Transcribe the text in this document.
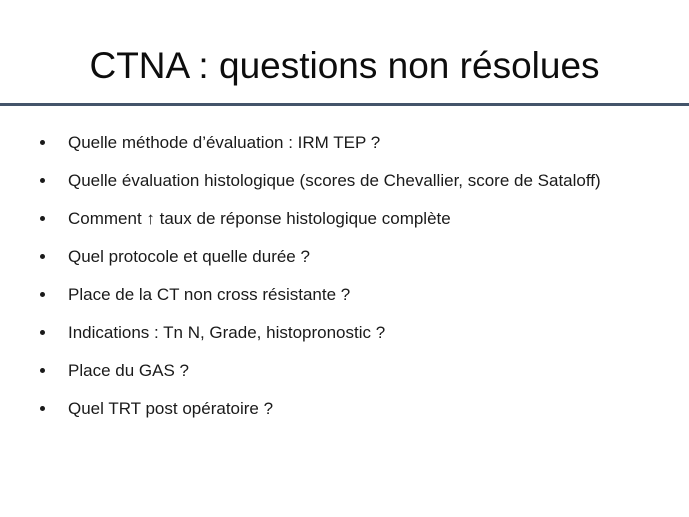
CTNA : questions non résolues
Quelle méthode d’évaluation : IRM TEP ?
Quelle évaluation histologique (scores de Chevallier, score de Sataloff)
Comment ↑ taux de réponse histologique complète
Quel protocole et quelle durée ?
Place de la CT non cross résistante ?
Indications : Tn N, Grade, histopronostic ?
Place du GAS ?
Quel TRT post opératoire ?
